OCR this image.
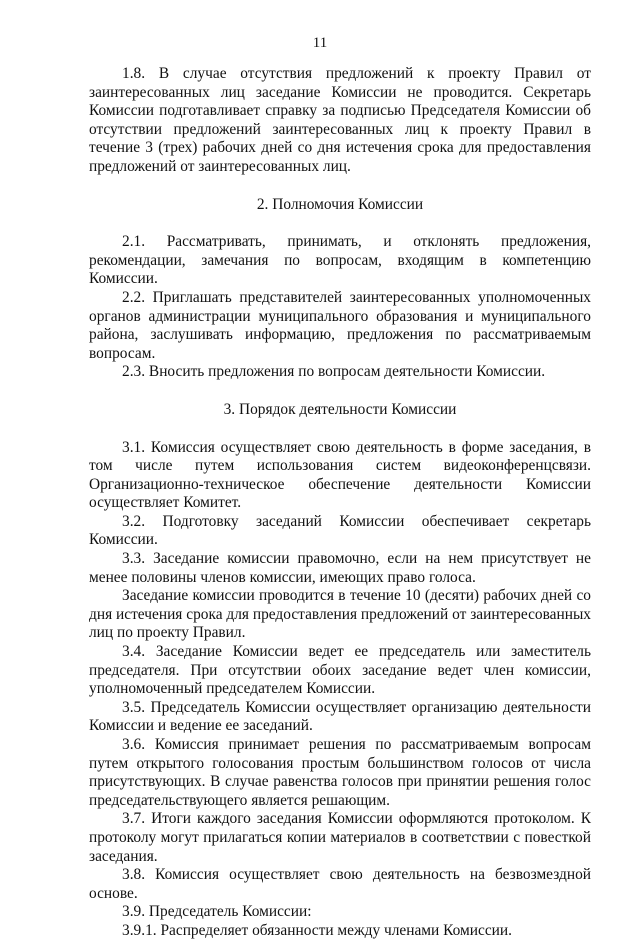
11

1.8. В случае отсутствия предложений к проекту Правил от заинтересованных лиц заседание Комиссии не проводится. Секретарь Комиссии подготавливает справку за подписью Председателя Комиссии об отсутствии предложений заинтересованных лиц к проекту Правил в течение 3 (трех) рабочих дней со дня истечения срока для предоставления предложений от заинтересованных лиц.

2. Полномочия Комиссии

2.1. Рассматривать, принимать, и отклонять предложения, рекомендации, замечания по вопросам, входящим в компетенцию Комиссии.

2.2. Приглашать представителей заинтересованных уполномоченных органов администрации муниципального образования и муниципального района, заслушивать информацию, предложения по рассматриваемым вопросам.

2.3. Вносить предложения по вопросам деятельности Комиссии.

3. Порядок деятельности Комиссии

3.1. Комиссия осуществляет свою деятельность в форме заседания, в том числе путем использования систем видеоконференцсвязи. Организационно-техническое обеспечение деятельности Комиссии осуществляет Комитет.

3.2. Подготовку заседаний Комиссии обеспечивает секретарь Комиссии.

3.3. Заседание комиссии правомочно, если на нем присутствует не менее половины членов комиссии, имеющих право голоса.

Заседание комиссии проводится в течение 10 (десяти) рабочих дней со дня истечения срока для предоставления предложений от заинтересованных лиц по проекту Правил.

3.4. Заседание Комиссии ведет ее председатель или заместитель председателя. При отсутствии обоих заседание ведет член комиссии, уполномоченный председателем Комиссии.

3.5. Председатель Комиссии осуществляет организацию деятельности Комиссии и ведение ее заседаний.

3.6. Комиссия принимает решения по рассматриваемым вопросам путем открытого голосования простым большинством голосов от числа присутствующих. В случае равенства голосов при принятии решения голос председательствующего является решающим.

3.7. Итоги каждого заседания Комиссии оформляются протоколом. К протоколу могут прилагаться копии материалов в соответствии с повесткой заседания.

3.8. Комиссия осуществляет свою деятельность на безвозмездной основе.

3.9. Председатель Комиссии:

3.9.1. Распределяет обязанности между членами Комиссии.
